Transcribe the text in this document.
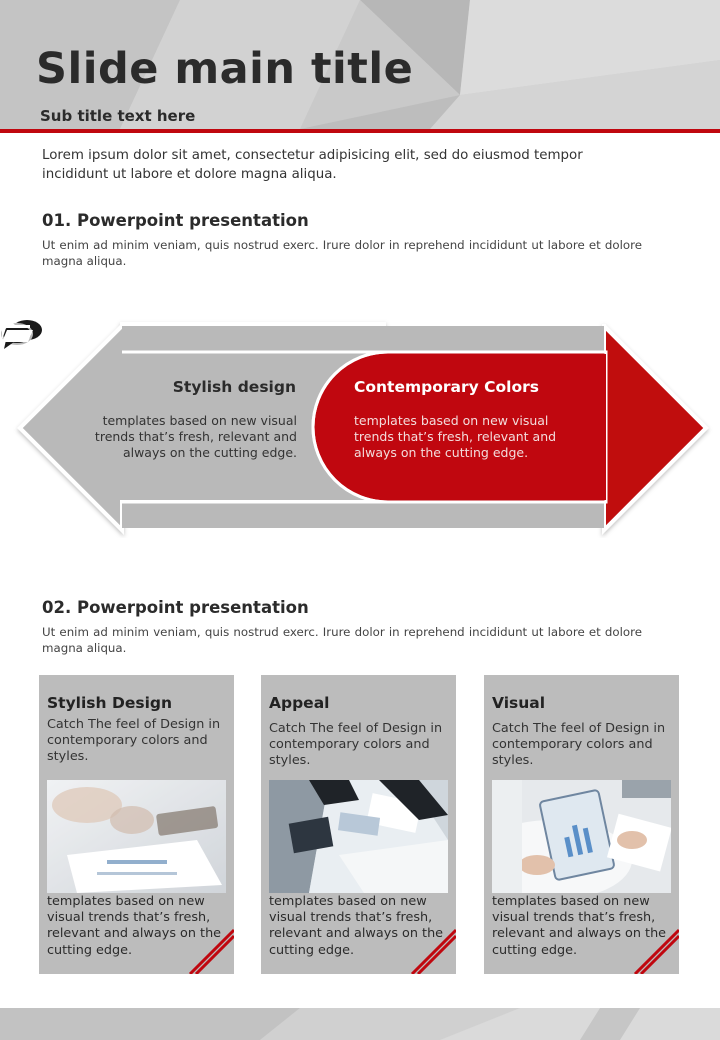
Slide main title

Sub title text here

Lorem ipsum dolor sit amet, consectetur adipisicing elit, sed do eiusmod tempor incididunt ut labore et dolore magna aliqua.

01. Powerpoint presentation

Ut enim ad minim veniam, quis nostrud exerc. Irure dolor in reprehend incididunt ut labore et dolore magna aliqua.

Stylish design

templates based on new visual trends that’s fresh, relevant and always on the cutting edge.

Contemporary Colors

templates based on new visual trends that’s fresh, relevant and always on the cutting edge.

02. Powerpoint presentation

Ut enim ad minim veniam, quis nostrud exerc. Irure dolor in reprehend incididunt ut labore et dolore magna aliqua.

Stylish Design

Catch The feel of Design in contemporary colors and styles.

templates based on new visual trends that’s fresh, relevant and always on the cutting edge.

Appeal

Catch The feel of Design in contemporary colors and styles.

templates based on new visual trends that’s fresh, relevant and always on the cutting edge.

Visual

Catch The feel of Design in contemporary colors and styles.

templates based on new visual trends that’s fresh, relevant and always on the cutting edge.
